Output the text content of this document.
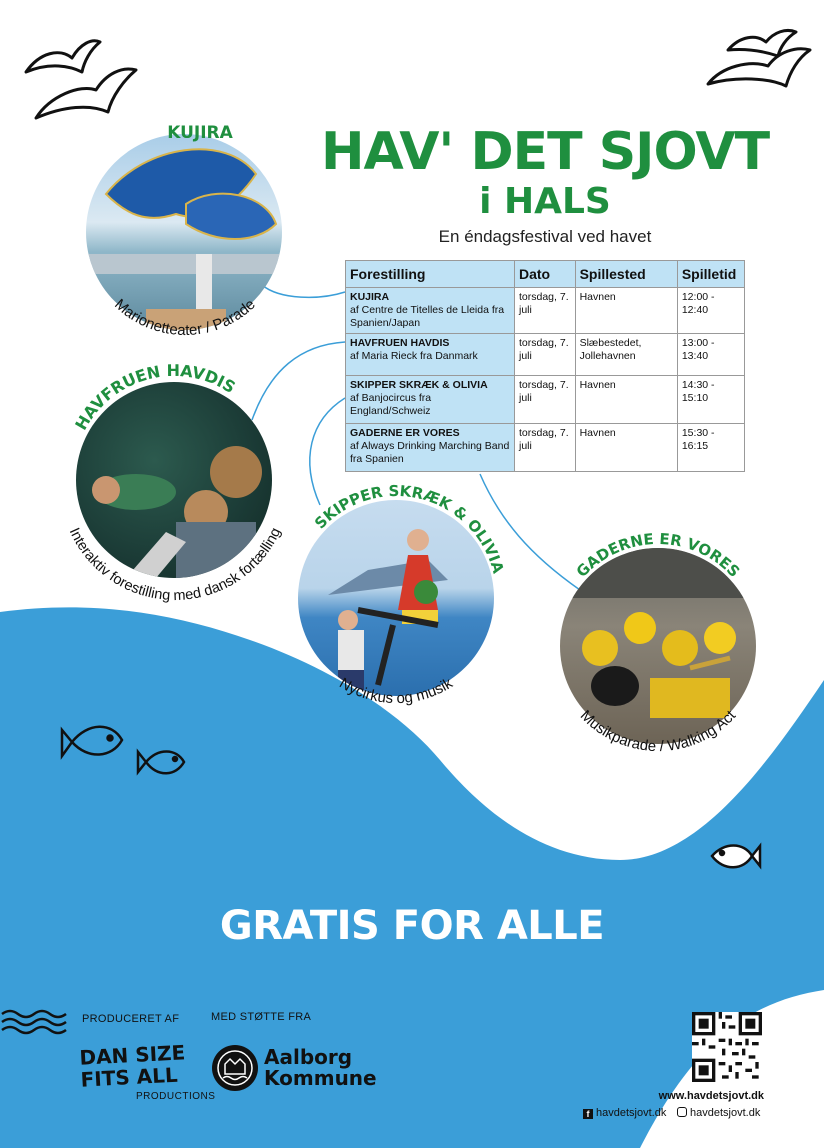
HAV' DET SJOVT
i HALS
En éndagsfestival ved havet
Forestilling	Dato	Spillested	Spilletid

KUJIRA
af Centre de Titelles de Lleida fra Spanien/Japan	torsdag, 7. juli	Havnen	12:00 - 12:40

HAVFRUEN HAVDIS
af Maria Rieck fra Danmark	torsdag, 7. juli	Slæbestedet, Jollehavnen	13:00 - 13:40

SKIPPER SKRÆK & OLIVIA
af Banjocircus fra England/Schweiz	torsdag, 7. juli	Havnen	14:30 - 15:10

GADERNE ER VORES
af Always Drinking Marching Band fra Spanien	torsdag, 7. juli	Havnen	15:30 - 16:15
KUJIRA
Marionetteater / Parade
HAVFRUEN HAVDIS
Interaktiv forestilling med dansk fortælling
SKIPPER SKRÆK & OLIVIA
Nycirkus og musik
GADERNE ER VORES
Musikparade / Walking Act
GRATIS FOR ALLE
PRODUCERET AF	MED STØTTE FRA
DAN SIZE
FITS ALL
PRODUCTIONS
Aalborg
Kommune
www.havdetsjovt.dk
f havdetsjovt.dk	havdetsjovt.dk
